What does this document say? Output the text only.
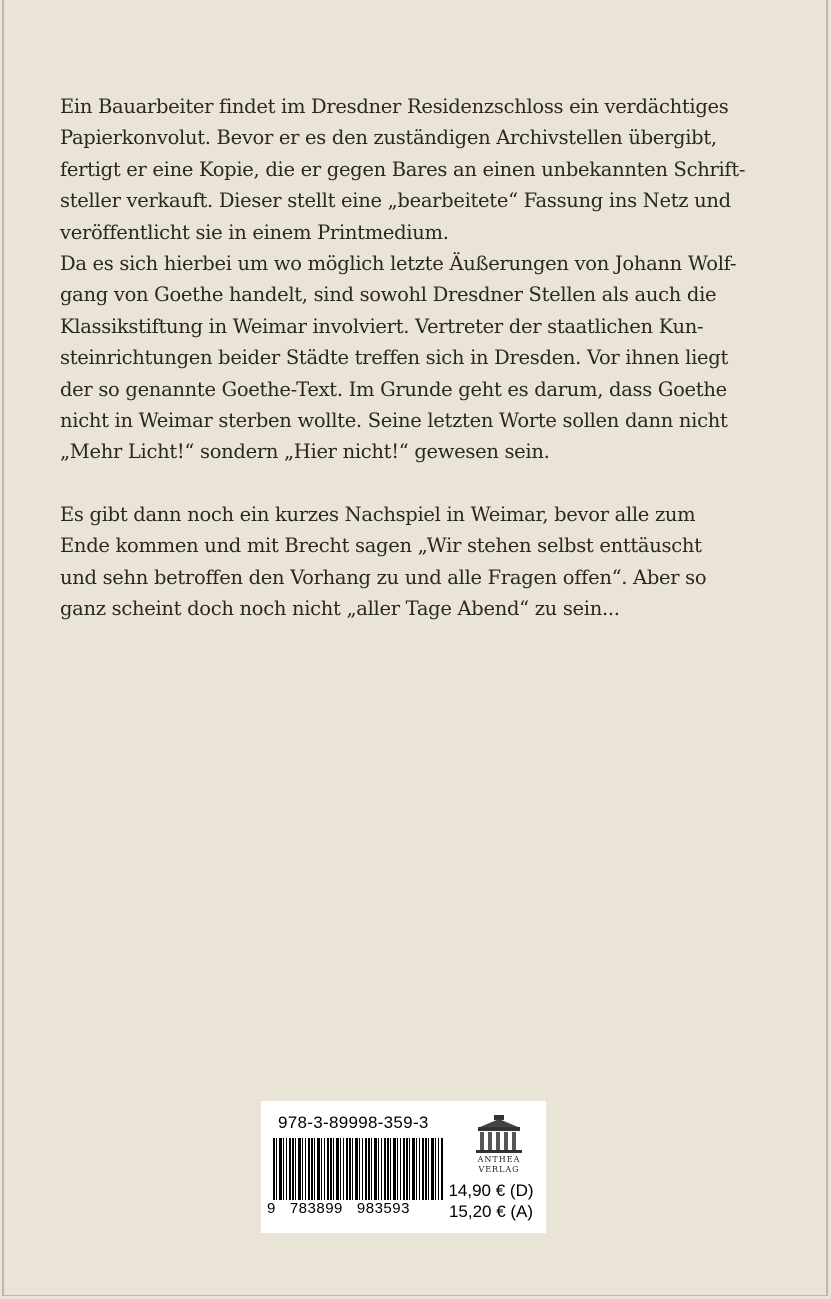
Ein Bauarbeiter findet im Dresdner Residenzschloss ein verdächtiges
Papierkonvolut. Bevor er es den zuständigen Archivstellen übergibt,
fertigt er eine Kopie, die er gegen Bares an einen unbekannten Schrift-
steller verkauft. Dieser stellt eine „bearbeitete“ Fassung ins Netz und
veröffentlicht sie in einem Printmedium.

Da es sich hierbei um wo möglich letzte Äußerungen von Johann Wolf-
gang von Goethe handelt, sind sowohl Dresdner Stellen als auch die
Klassikstiftung in Weimar involviert. Vertreter der staatlichen Kun-
steinrichtungen beider Städte treffen sich in Dresden. Vor ihnen liegt
der so genannte Goethe-Text. Im Grunde geht es darum, dass Goethe
nicht in Weimar sterben wollte. Seine letzten Worte sollen dann nicht
„Mehr Licht!“ sondern „Hier nicht!“ gewesen sein.

Es gibt dann noch ein kurzes Nachspiel in Weimar, bevor alle zum
Ende kommen und mit Brecht sagen „Wir stehen selbst enttäuscht
und sehn betroffen den Vorhang zu und alle Fragen offen“. Aber so
ganz scheint doch noch nicht „aller Tage Abend“ zu sein...

978-3-89998-359-3
9   783899   983593
ANTHEA
VERLAG
14,90 € (D)
15,20 € (A)
